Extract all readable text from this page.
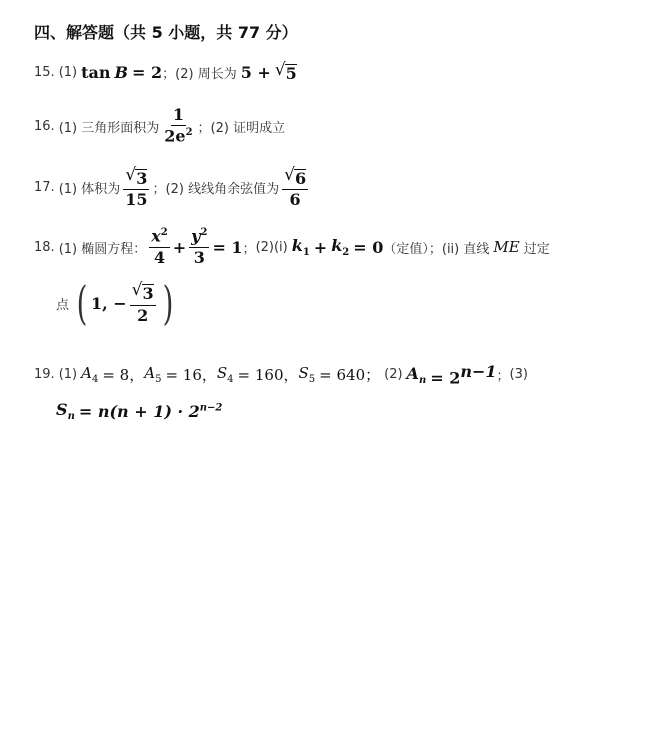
四、解答题（共 5 小题，共 77 分）
15. (1) tan B = 2 ； (2) 周长为 5 + √ 5
16. (1) 三角形面积为 $\frac{1}{2e^2}$ ； (2) 证明成立
17. (1) 体积为 $\frac{√ 3}{15}$ ； (2) 线线角余弦值为 $\frac{√ 6}{6}$
18. (1) 椭圆方程： $\frac{x^2}{4} + \frac{y^2}{3} = 1$ ； (2)(i) $k_1 + k_2 = 0$ （定值）；(ii) 直线 ME 过定
点 ( 1, − $\frac{√ 3}{2}$ )
19. (1) $A_4 = 8$， $A_5 = 16$， $S_4 = 160$， $S_5 = 640$； (2) $A_n = 2^{n-1}$ ； (3)
$S_n = n(n + 1) \cdot 2^{n-2}$
